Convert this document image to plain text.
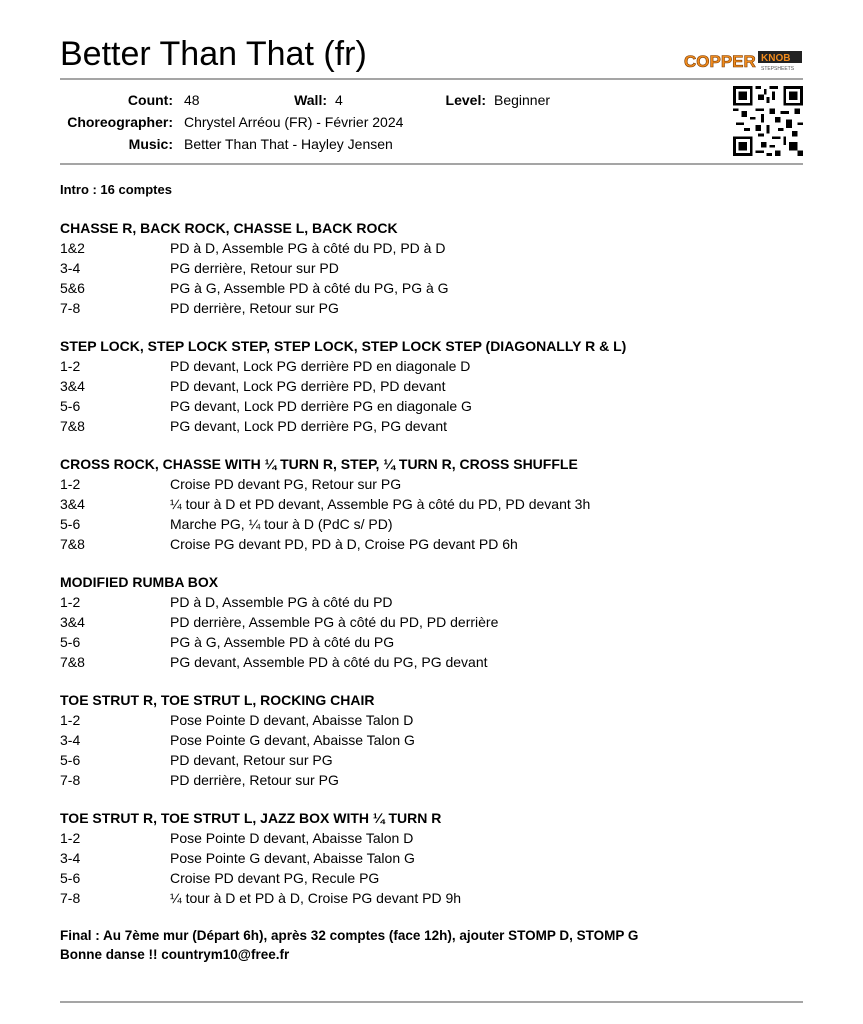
Better Than That (fr)	COPPER KNOB
STEPSHEETS
Count: 48	Wall: 4	Level: Beginner
Choreographer: Chrystel Arréou (FR) - Février 2024
Music: Better Than That - Hayley Jensen
Intro : 16 comptes
CHASSE R, BACK ROCK, CHASSE L, BACK ROCK
1&2	PD à D, Assemble PG à côté du PD, PD à D
3-4	PG derrière, Retour sur PD
5&6	PG à G, Assemble PD à côté du PG, PG à G
7-8	PD derrière, Retour sur PG
STEP LOCK, STEP LOCK STEP, STEP LOCK, STEP LOCK STEP (DIAGONALLY R & L)
1-2	PD devant, Lock PG derrière PD en diagonale D
3&4	PD devant, Lock PG derrière PD, PD devant
5-6	PG devant, Lock PD derrière PG en diagonale G
7&8	PG devant, Lock PD derrière PG, PG devant
CROSS ROCK, CHASSE WITH ¼ TURN R, STEP, ¼ TURN R, CROSS SHUFFLE
1-2	Croise PD devant PG, Retour sur PG
3&4	¼ tour à D et PD devant, Assemble PG à côté du PD, PD devant 3h
5-6	Marche PG, ¼ tour à D (PdC s/ PD)
7&8	Croise PG devant PD, PD à D, Croise PG devant PD 6h
MODIFIED RUMBA BOX
1-2	PD à D, Assemble PG à côté du PD
3&4	PD derrière, Assemble PG à côté du PD, PD derrière
5-6	PG à G, Assemble PD à côté du PG
7&8	PG devant, Assemble PD à côté du PG, PG devant
TOE STRUT R, TOE STRUT L, ROCKING CHAIR
1-2	Pose Pointe D devant, Abaisse Talon D
3-4	Pose Pointe G devant, Abaisse Talon G
5-6	PD devant, Retour sur PG
7-8	PD derrière, Retour sur PG
TOE STRUT R, TOE STRUT L, JAZZ BOX WITH ¼ TURN R
1-2	Pose Pointe D devant, Abaisse Talon D
3-4	Pose Pointe G devant, Abaisse Talon G
5-6	Croise PD devant PG, Recule PG
7-8	¼ tour à D et PD à D, Croise PG devant PD 9h
Final : Au 7ème mur (Départ 6h), après 32 comptes (face 12h), ajouter STOMP D, STOMP G
Bonne danse !! countrym10@free.fr
